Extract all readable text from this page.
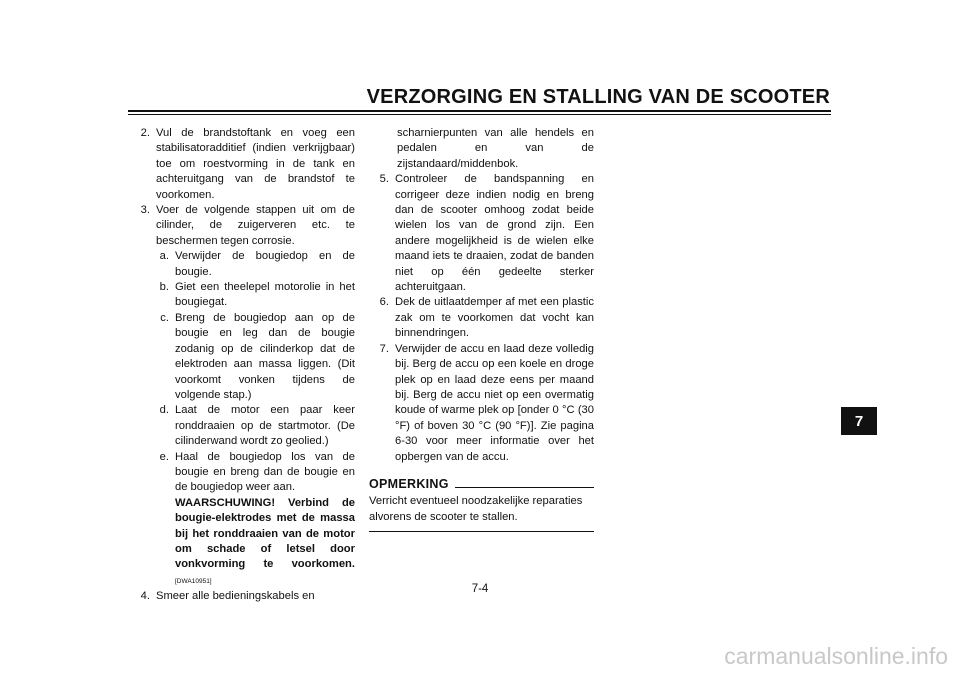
VERZORGING EN STALLING VAN DE SCOOTER
2. Vul de brandstoftank en voeg een stabilisatoradditief (indien verkrijgbaar) toe om roestvorming in de tank en achteruitgang van de brandstof te voorkomen.
3. Voer de volgende stappen uit om de cilinder, de zuigerveren etc. te beschermen tegen corrosie.
a. Verwijder de bougiedop en de bougie.
b. Giet een theelepel motorolie in het bougiegat.
c. Breng de bougiedop aan op de bougie en leg dan de bougie zodanig op de cilinderkop dat de elektroden aan massa liggen. (Dit voorkomt vonken tijdens de volgende stap.)
d. Laat de motor een paar keer ronddraaien op de startmotor. (De cilinderwand wordt zo geolied.)
e. Haal de bougiedop los van de bougie en breng dan de bougie en de bougiedop weer aan.
WAARSCHUWING! Verbind de bougie-elektrodes met de massa bij het ronddraaien van de motor om schade of letsel door vonkvorming te voorkomen.[DWA10951]
4. Smeer alle bedieningskabels en
scharnierpunten van alle hendels en pedalen en van de zijstandaard/middenbok.
5. Controleer de bandspanning en corrigeer deze indien nodig en breng dan de scooter omhoog zodat beide wielen los van de grond zijn. Een andere mogelijkheid is de wielen elke maand iets te draaien, zodat de banden niet op één gedeelte sterker achteruitgaan.
6. Dek de uitlaatdemper af met een plastic zak om te voorkomen dat vocht kan binnendringen.
7. Verwijder de accu en laad deze volledig bij. Berg de accu op een koele en droge plek op en laad deze eens per maand bij. Berg de accu niet op een overmatig koude of warme plek op [onder 0 °C (30 °F) of boven 30 °C (90 °F)]. Zie pagina 6-30 voor meer informatie over het opbergen van de accu.
OPMERKING
Verricht eventueel noodzakelijke reparaties alvorens de scooter te stallen.
7-4
7
carmanualsonline.info
